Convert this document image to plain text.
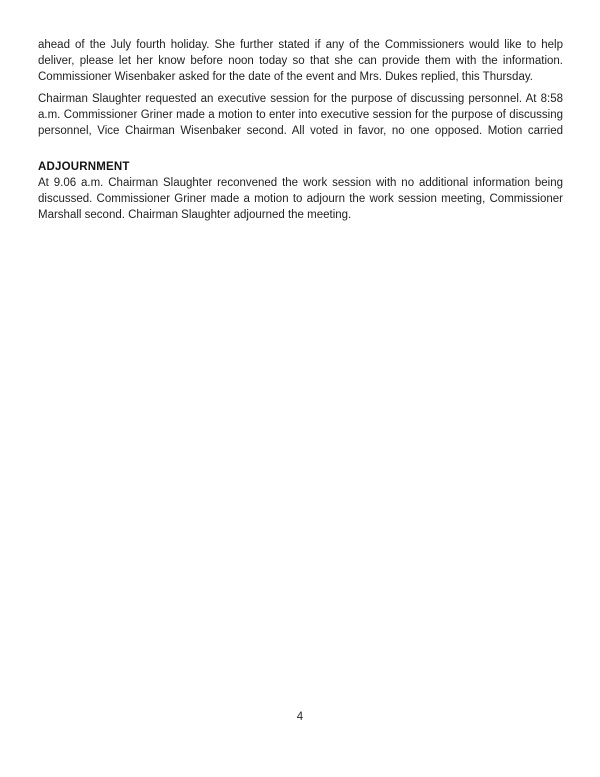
ahead of the July fourth holiday. She further stated if any of the Commissioners would like to help
deliver, please let her know before noon today so that she can provide them with the information.
Commissioner Wisenbaker asked for the date of the event and Mrs. Dukes replied, this Thursday.
Chairman Slaughter requested an executive session for the purpose of discussing personnel. At 8:58
a.m. Commissioner Griner made a motion to enter into executive session for the purpose of discussing
personnel, Vice Chairman Wisenbaker second. All voted in favor, no one opposed. Motion carried
ADJOURNMENT
At 9.06 a.m. Chairman Slaughter reconvened the work session with no additional information being
discussed. Commissioner Griner made a motion to adjourn the work session meeting, Commissioner
Marshall second. Chairman Slaughter adjourned the meeting.
4
